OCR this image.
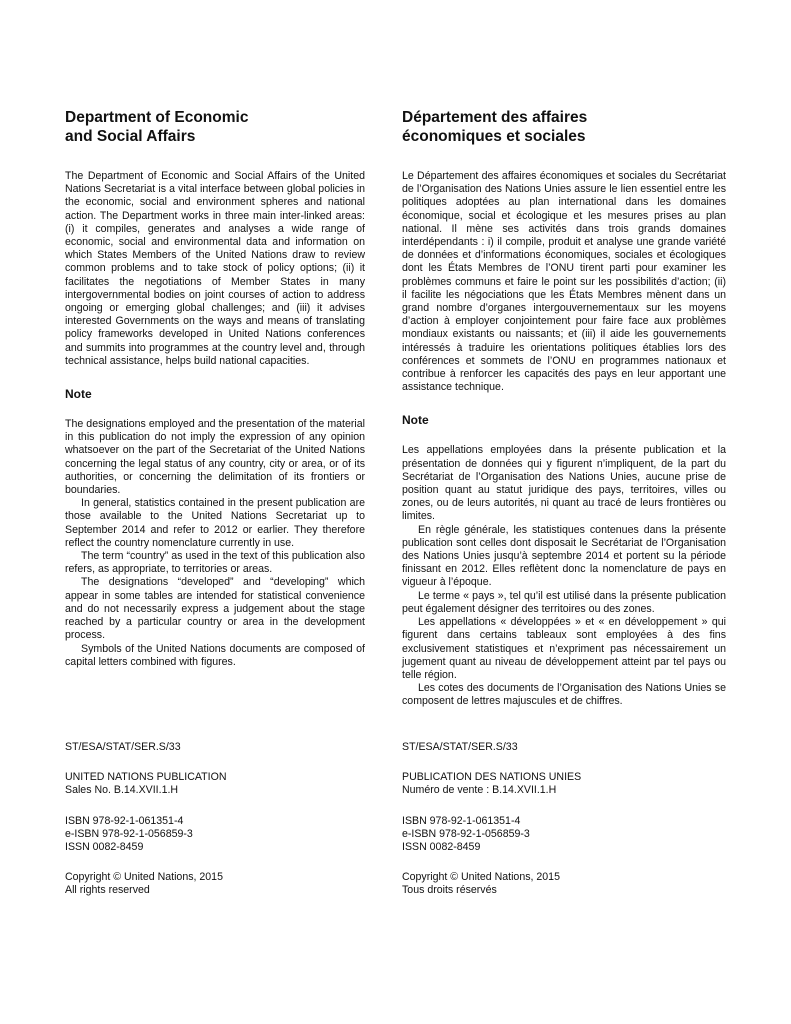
Department of Economic
and Social Affairs

The Department of Economic and Social Affairs of the United Nations Secretariat is a vital interface between global policies in the economic, social and environment spheres and national action. The Department works in three main inter-linked areas: (i) it compiles, generates and analyses a wide range of economic, social and environmental data and information on which States Members of the United Nations draw to review common problems and to take stock of policy options; (ii) it facilitates the negotiations of Member States in many intergovernmental bodies on joint courses of action to address ongoing or emerging global challenges; and (iii) it advises interested Governments on the ways and means of translating policy frameworks developed in United Nations conferences and summits into programmes at the country level and, through technical assistance, helps build national capacities.

Note

The designations employed and the presentation of the material in this publication do not imply the expression of any opinion whatsoever on the part of the Secretariat of the United Nations concerning the legal status of any country, city or area, or of its authorities, or concerning the delimitation of its frontiers or boundaries.

In general, statistics contained in the present publication are those available to the United Nations Secretariat up to September 2014 and refer to 2012 or earlier. They therefore reflect the country nomenclature currently in use.

The term “country” as used in the text of this publication also refers, as appropriate, to territories or areas.

The designations “developed” and “developing” which appear in some tables are intended for statistical convenience and do not necessarily express a judgement about the stage reached by a particular country or area in the development process.

Symbols of the United Nations documents are composed of capital letters combined with figures.

Département des affaires
économiques et sociales

Le Département des affaires économiques et sociales du Secrétariat de l’Organisation des Nations Unies assure le lien essentiel entre les politiques adoptées au plan international dans les domaines économique, social et écologique et les mesures prises au plan national. Il mène ses activités dans trois grands domaines interdépendants : i) il compile, produit et analyse une grande variété de données et d’informations économiques, sociales et écologiques dont les États Membres de l’ONU tirent parti pour examiner les problèmes communs et faire le point sur les possibilités d’action; (ii) il facilite les négociations que les États Membres mènent dans un grand nombre d’organes intergouvernementaux sur les moyens d’action à employer conjointement pour faire face aux problèmes mondiaux existants ou naissants; et (iii) il aide les gouvernements intéressés à traduire les orientations politiques établies lors des conférences et sommets de l’ONU en programmes nationaux et contribue à renforcer les capacités des pays en leur apportant une assistance technique.

Note

Les appellations employées dans la présente publication et la présentation de données qui y figurent n’impliquent, de la part du Secrétariat de l’Organisation des Nations Unies, aucune prise de position quant au statut juridique des pays, territoires, villes ou zones, ou de leurs autorités, ni quant au tracé de leurs frontières ou limites.

En règle générale, les statistiques contenues dans la présente publication sont celles dont disposait le Secrétariat de l’Organisation des Nations Unies jusqu’à septembre 2014 et portent su la période finissant en 2012. Elles reflètent donc la nomenclature de pays en vigueur à l’époque.

Le terme « pays », tel qu’il est utilisé dans la présente publication peut également désigner des territoires ou des zones.

Les appellations « développées » et « en développement » qui figurent dans certains tableaux sont employées à des fins exclusivement statistiques et n’expriment pas nécessairement un jugement quant au niveau de développement atteint par tel pays ou telle région.

Les cotes des documents de l’Organisation des Nations Unies se composent de lettres majuscules et de chiffres.

ST/ESA/STAT/SER.S/33
UNITED NATIONS PUBLICATION
Sales No. B.14.XVII.1.H
ISBN 978-92-1-061351-4
e-ISBN 978-92-1-056859-3
ISSN 0082-8459
Copyright © United Nations, 2015
All rights reserved
ST/ESA/STAT/SER.S/33
PUBLICATION DES NATIONS UNIES
Numéro de vente : B.14.XVII.1.H
ISBN 978-92-1-061351-4
e-ISBN 978-92-1-056859-3
ISSN 0082-8459
Copyright © United Nations, 2015
Tous droits réservés
